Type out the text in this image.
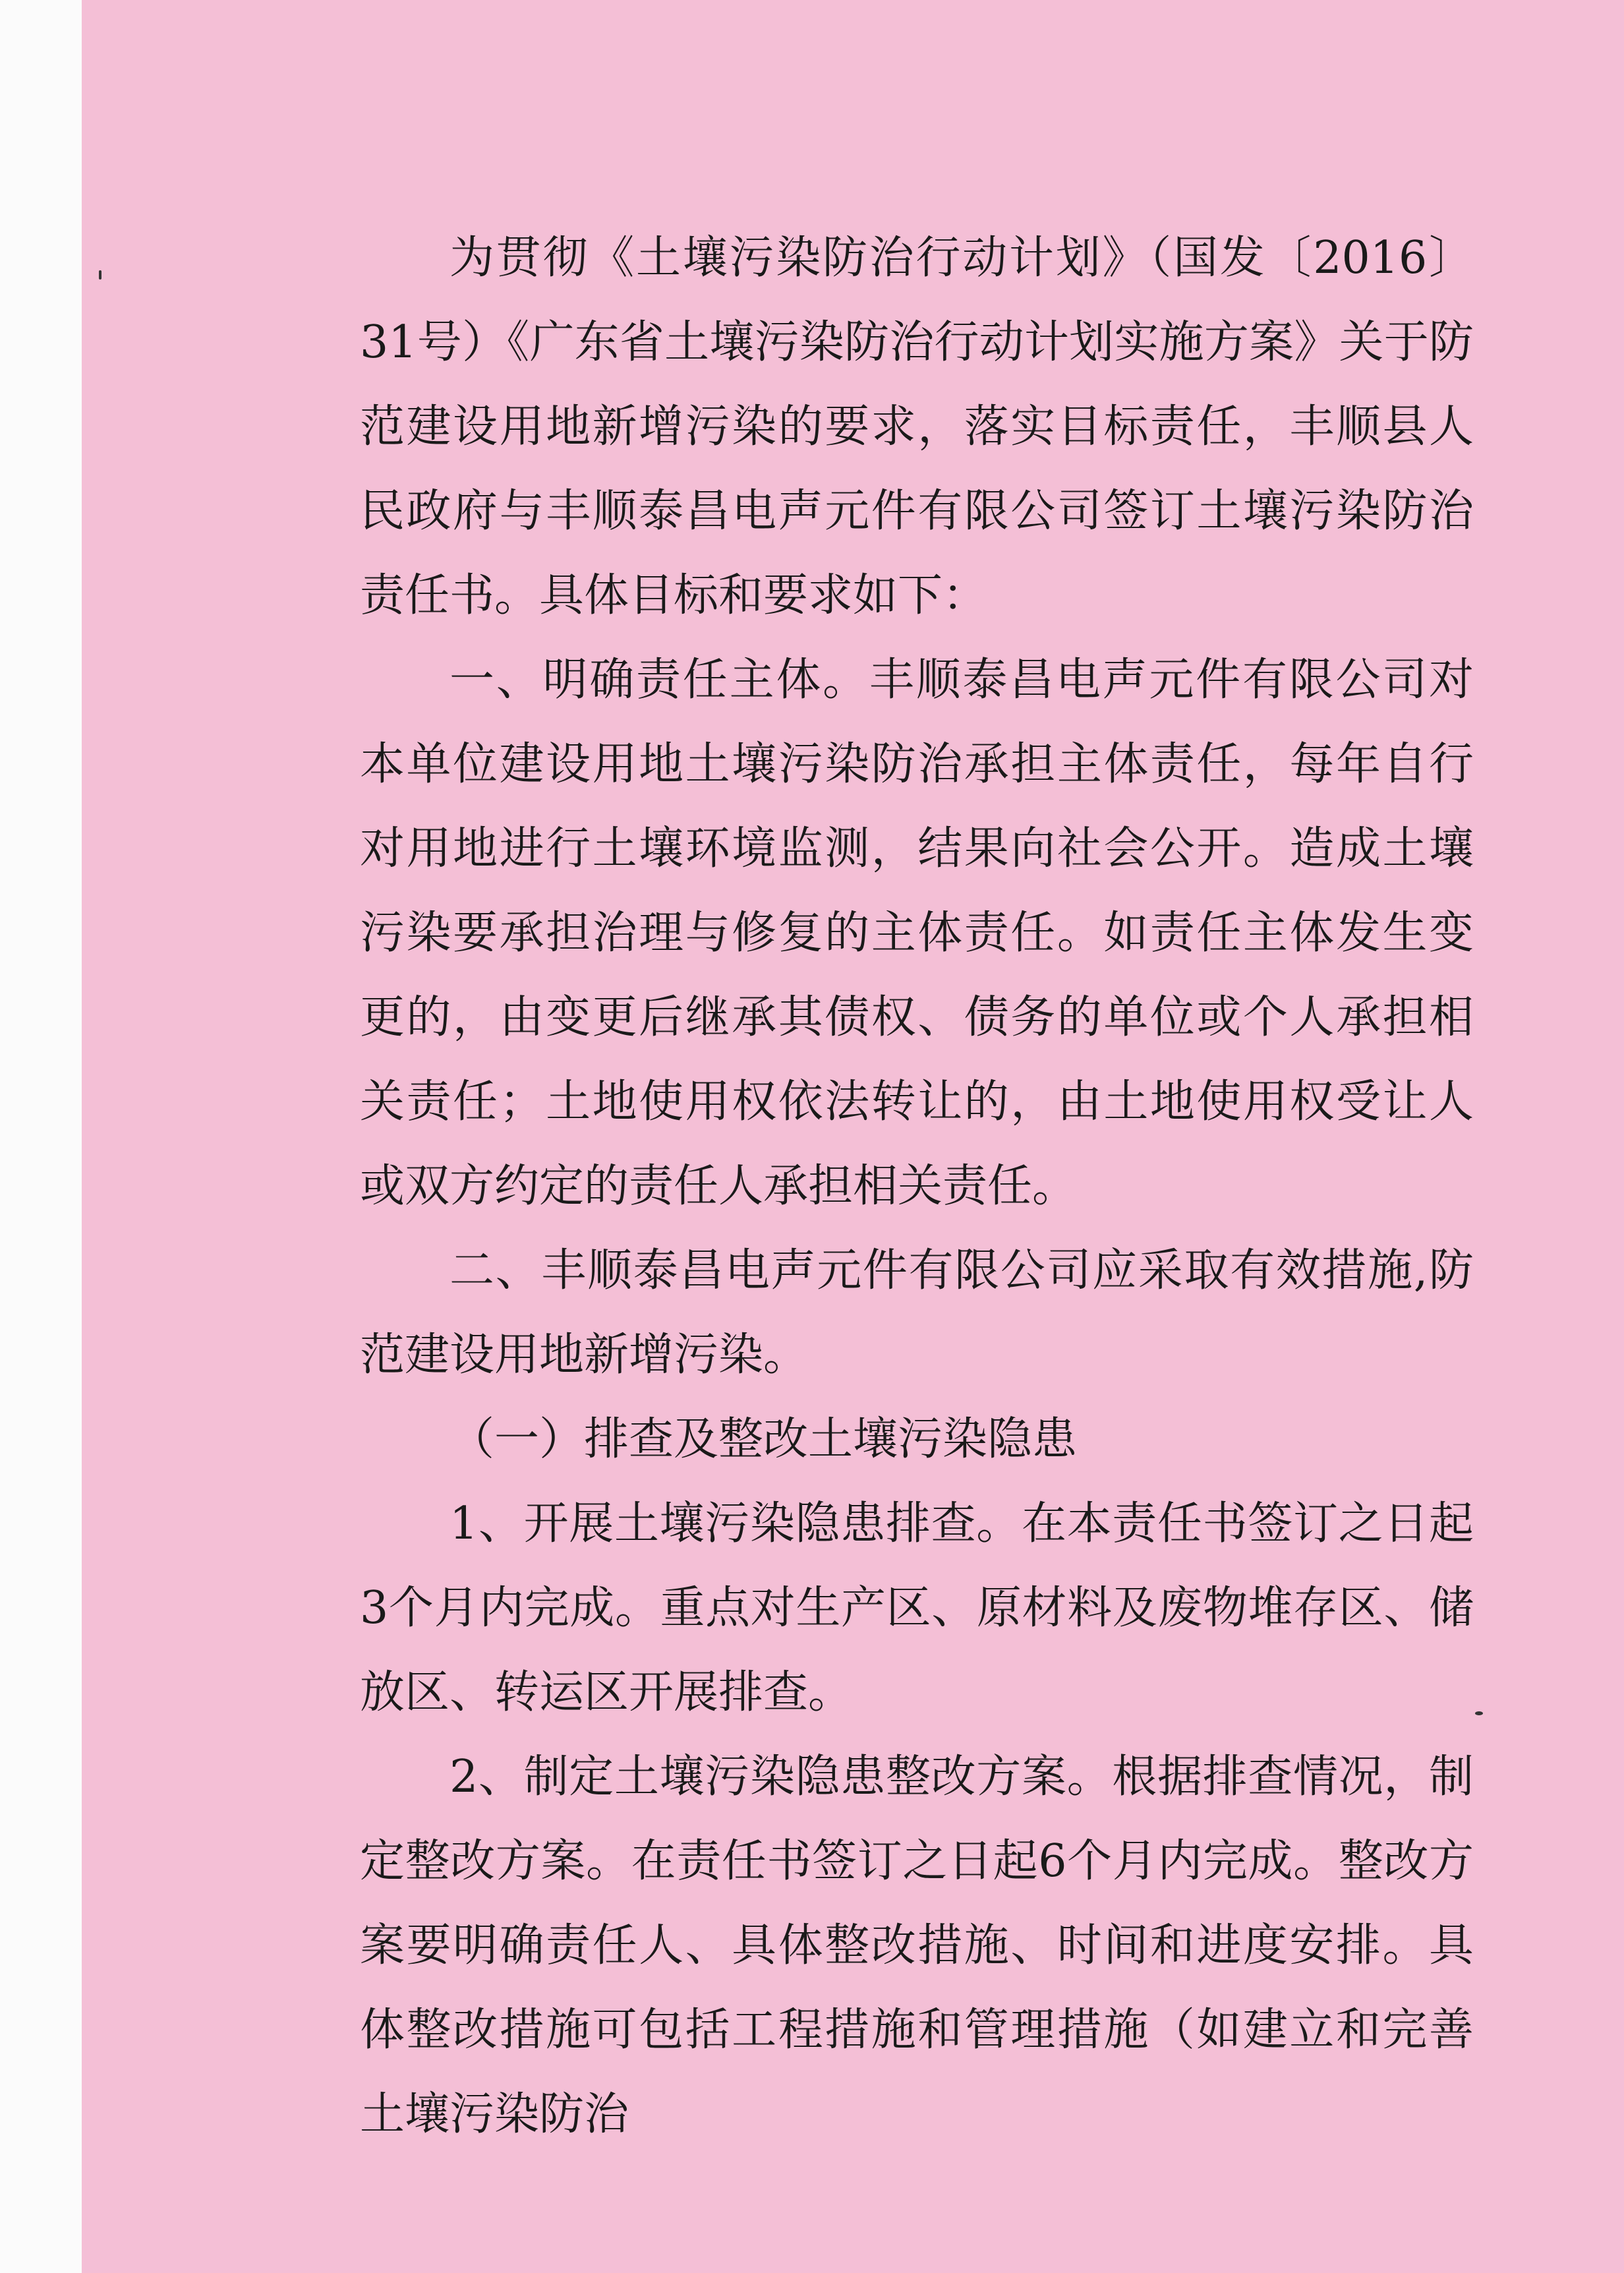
为贯彻《土壤污染防治行动计划》（国发〔2016〕31号）《广东省土壤污染防治行动计划实施方案》关于防范建设用地新增污染的要求，落实目标责任，丰顺县人民政府与丰顺泰昌电声元件有限公司签订土壤污染防治责任书。具体目标和要求如下：

一、明确责任主体。丰顺泰昌电声元件有限公司对本单位建设用地土壤污染防治承担主体责任，每年自行对用地进行土壤环境监测，结果向社会公开。造成土壤污染要承担治理与修复的主体责任。如责任主体发生变更的，由变更后继承其债权、债务的单位或个人承担相关责任；土地使用权依法转让的，由土地使用权受让人或双方约定的责任人承担相关责任。

二、丰顺泰昌电声元件有限公司应采取有效措施,防范建设用地新增污染。

（一）排查及整改土壤污染隐患

1、开展土壤污染隐患排查。在本责任书签订之日起3个月内完成。重点对生产区、原材料及废物堆存区、储放区、转运区开展排查。

2、制定土壤污染隐患整改方案。根据排查情况，制定整改方案。在责任书签订之日起6个月内完成。整改方案要明确责任人、具体整改措施、时间和进度安排。具体整改措施可包括工程措施和管理措施（如建立和完善土壤污染防治
